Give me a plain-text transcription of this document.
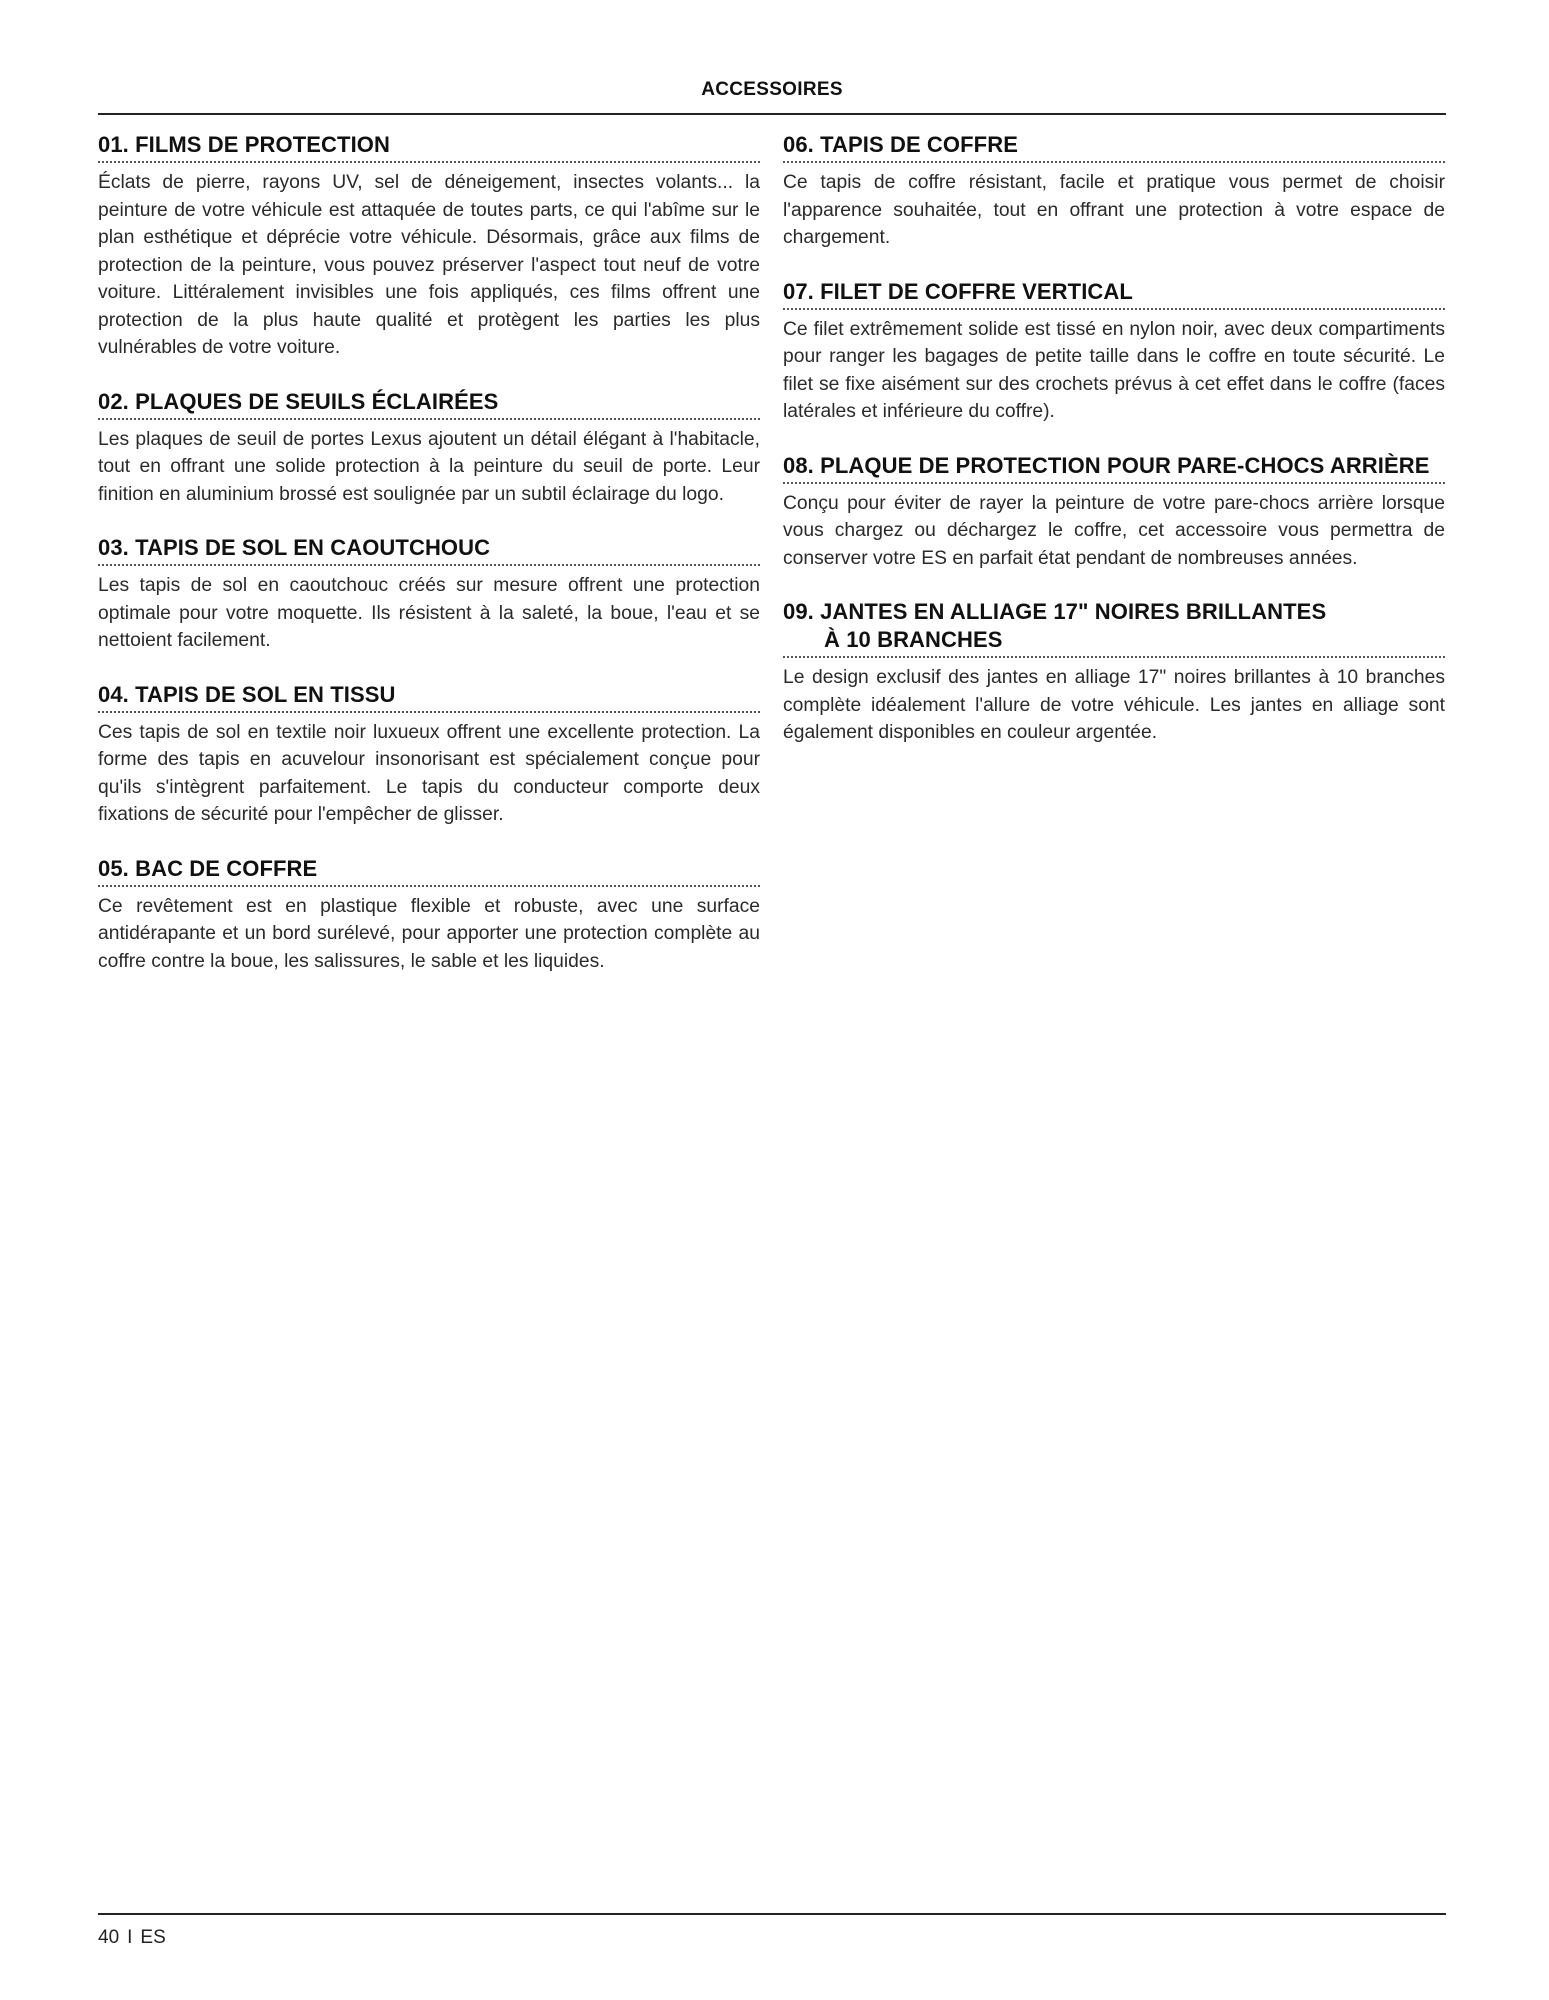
ACCESSOIRES
01. FILMS DE PROTECTION

Éclats de pierre, rayons UV, sel de déneigement, insectes volants... la peinture de votre véhicule est attaquée de toutes parts, ce qui l'abîme sur le plan esthétique et déprécie votre véhicule. Désormais, grâce aux films de protection de la peinture, vous pouvez préserver l'aspect tout neuf de votre voiture. Littéralement invisibles une fois appliqués, ces films offrent une protection de la plus haute qualité et protègent les parties les plus vulnérables de votre voiture.

02. PLAQUES DE SEUILS ÉCLAIRÉES

Les plaques de seuil de portes Lexus ajoutent un détail élégant à l'habitacle, tout en offrant une solide protection à la peinture du seuil de porte. Leur finition en aluminium brossé est soulignée par un subtil éclairage du logo.

03. TAPIS DE SOL EN CAOUTCHOUC

Les tapis de sol en caoutchouc créés sur mesure offrent une protection optimale pour votre moquette. Ils résistent à la saleté, la boue, l'eau et se nettoient facilement.

04. TAPIS DE SOL EN TISSU

Ces tapis de sol en textile noir luxueux offrent une excellente protection. La forme des tapis en acuvelour insonorisant est spécialement conçue pour qu'ils s'intègrent parfaitement. Le tapis du conducteur comporte deux fixations de sécurité pour l'empêcher de glisser.

05. BAC DE COFFRE

Ce revêtement est en plastique flexible et robuste, avec une surface antidérapante et un bord surélevé, pour apporter une protection complète au coffre contre la boue, les salissures, le sable et les liquides.

06. TAPIS DE COFFRE

Ce tapis de coffre résistant, facile et pratique vous permet de choisir l'apparence souhaitée, tout en offrant une protection à votre espace de chargement.

07. FILET DE COFFRE VERTICAL

Ce filet extrêmement solide est tissé en nylon noir, avec deux compartiments pour ranger les bagages de petite taille dans le coffre en toute sécurité. Le filet se fixe aisément sur des crochets prévus à cet effet dans le coffre (faces latérales et inférieure du coffre).

08. PLAQUE DE PROTECTION POUR PARE-CHOCS ARRIÈRE

Conçu pour éviter de rayer la peinture de votre pare-chocs arrière lorsque vous chargez ou déchargez le coffre, cet accessoire vous permettra de conserver votre ES en parfait état pendant de nombreuses années.

09. JANTES EN ALLIAGE 17" NOIRES BRILLANTES
À 10 BRANCHES

Le design exclusif des jantes en alliage 17" noires brillantes à 10 branches complète idéalement l'allure de votre véhicule. Les jantes en alliage sont également disponibles en couleur argentée.

40 I ES
